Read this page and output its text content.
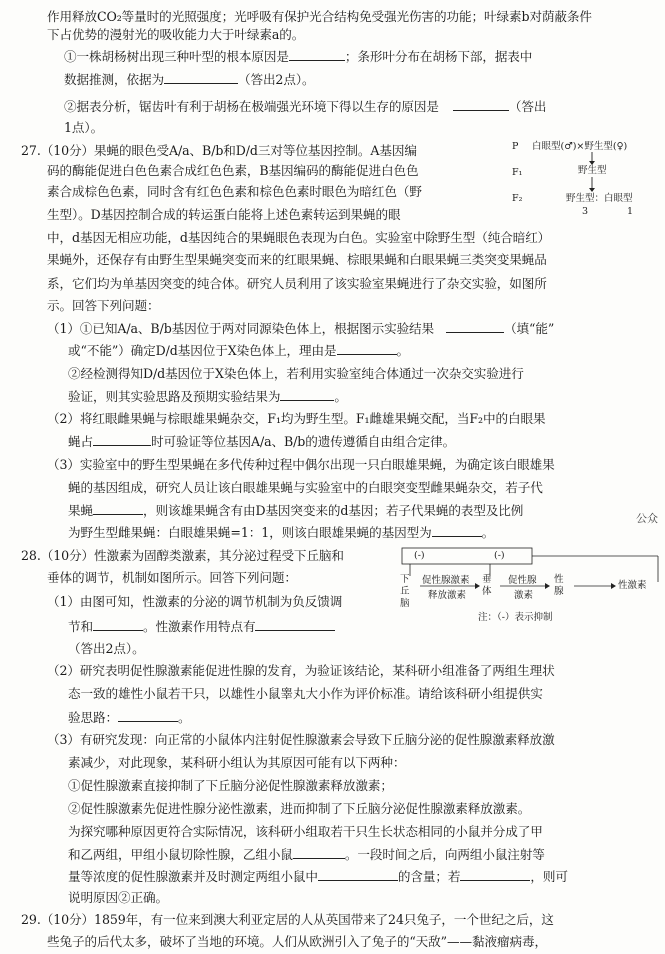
作用释放CO₂等量时的光照强度；光呼吸有保护光合结构免受强光伤害的功能；叶绿素b对荫蔽条件
下占优势的漫射光的吸收能力大于叶绿素a的。
①一株胡杨树出现三种叶型的根本原因是	；条形叶分布在胡杨下部，据表中
数据推测，依据为	（答出2点）。
②据表分析，锯齿叶有利于胡杨在极端强光环境下得以生存的原因是	（答出
1点）。
27.（10分）果蝇的眼色受A/a、B/b和D/d三对等位基因控制。A基因编
码的酶能促进白色色素合成红色色素，B基因编码的酶能促进白色色
素合成棕色色素，同时含有红色色素和棕色色素时眼色为暗红色（野
生型）。D基因控制合成的转运蛋白能将上述色素转运到果蝇的眼
中，d基因无相应功能，d基因纯合的果蝇眼色表现为白色。实验室中除野生型（纯合暗红）
果蝇外，还保存有由野生型果蝇突变而来的红眼果蝇、棕眼果蝇和白眼果蝇三类突变果蝇品
系，它们均为单基因突变的纯合体。研究人员利用了该实验室果蝇进行了杂交实验，如图所
示。回答下列问题：
（1）①已知A/a、B/b基因位于两对同源染色体上，根据图示实验结果	（填“能”
或“不能”）确定D/d基因位于X染色体上，理由是	。
②经检测得知D/d基因位于X染色体上，若利用实验室纯合体通过一次杂交实验进行
验证，则其实验思路及预期实验结果为	。
（2）将红眼雌果蝇与棕眼雄果蝇杂交，F₁均为野生型。F₁雌雄果蝇交配，当F₂中的白眼果
蝇占	时可验证等位基因A/a、B/b的遗传遵循自由组合定律。
（3）实验室中的野生型果蝇在多代传种过程中偶尔出现一只白眼雄果蝇，为确定该白眼雄果
蝇的基因组成，研究人员让该白眼雄果蝇与实验室中的白眼突变型雌果蝇杂交，若子代
果蝇	，则该雄果蝇含有由D基因突变来的d基因；若子代果蝇的表型及比例
为野生型雌果蝇：白眼雄果蝇=1：1，则该白眼雄果蝇的基因型为	。
P 白眼型(♂)×野生型(♀)
F₁	野生型
F₂	野生型：白眼型
3	1
28.（10分）性激素为固醇类激素，其分泌过程受下丘脑和
垂体的调节，机制如图所示。回答下列问题：
（1）由图可知，性激素的分泌的调节机制为负反馈调
节和	。性激素作用特点有
（答出2点）。
（2）研究表明促性腺激素能促进性腺的发育，为验证该结论，某科研小组准备了两组生理状
态一致的雄性小鼠若干只，以雄性小鼠睾丸大小作为评价标准。请给该科研小组提供实
验思路：	。
（3）有研究发现：向正常的小鼠体内注射促性腺激素会导致下丘脑分泌的促性腺激素释放激
素减少，对此现象，某科研小组认为其原因可能有以下两种：
①促性腺激素直接抑制了下丘脑分泌促性腺激素释放激素；
②促性腺激素先促进性腺分泌性激素，进而抑制了下丘脑分泌促性腺激素释放激素。
为探究哪种原因更符合实际情况，该科研小组取若干只生长状态相同的小鼠并分成了甲
和乙两组，甲组小鼠切除性腺，乙组小鼠	。一段时间之后，向两组小鼠注射等
量等浓度的促性腺激素并及时测定两组小鼠中	的含量；若	，则可
说明原因②正确。
(-)	(-)
下丘脑
促性腺激素
释放激素
垂体
促性腺
激素
性腺
性激素
注：（-）表示抑制
29.（10分）1859年，有一位来到澳大利亚定居的人从英国带来了24只兔子，一个世纪之后，这
些兔子的后代太多，破坏了当地的环境。人们从欧洲引入了兔子的“天敌”——黏液瘤病毒，
公众
